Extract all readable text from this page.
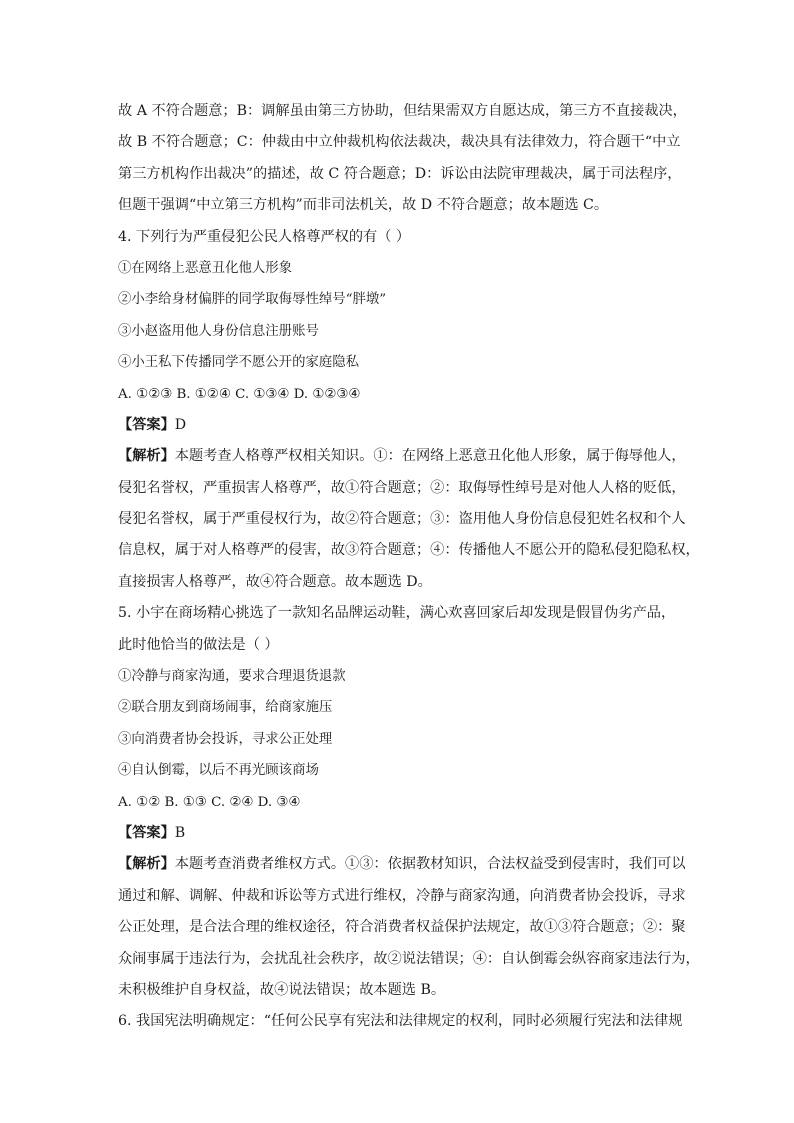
故 A 不符合题意；B：调解虽由第三方协助，但结果需双方自愿达成，第三方不直接裁决，
故 B 不符合题意；C：仲裁由中立仲裁机构依法裁决，裁决具有法律效力，符合题干“中立
第三方机构作出裁决”的描述，故 C 符合题意；D：诉讼由法院审理裁决，属于司法程序，
但题干强调“中立第三方机构”而非司法机关，故 D 不符合题意；故本题选 C。
4. 下列行为严重侵犯公民人格尊严权的有（ ）
①在网络上恶意丑化他人形象
②小李给身材偏胖的同学取侮辱性绰号“胖墩”
③小赵盗用他人身份信息注册账号
④小王私下传播同学不愿公开的家庭隐私
A. ①②③ B. ①②④ C. ①③④ D. ①②③④
【答案】D
【解析】本题考查人格尊严权相关知识。①：在网络上恶意丑化他人形象，属于侮辱他人，
侵犯名誉权，严重损害人格尊严，故①符合题意；②：取侮辱性绰号是对他人人格的贬低，
侵犯名誉权，属于严重侵权行为，故②符合题意；③：盗用他人身份信息侵犯姓名权和个人
信息权，属于对人格尊严的侵害，故③符合题意；④：传播他人不愿公开的隐私侵犯隐私权，
直接损害人格尊严，故④符合题意。故本题选 D。
5. 小宇在商场精心挑选了一款知名品牌运动鞋，满心欢喜回家后却发现是假冒伪劣产品，
此时他恰当的做法是（ ）
①冷静与商家沟通，要求合理退货退款
②联合朋友到商场闹事，给商家施压
③向消费者协会投诉，寻求公正处理
④自认倒霉，以后不再光顾该商场
A. ①② B. ①③ C. ②④ D. ③④
【答案】B
【解析】本题考查消费者维权方式。①③：依据教材知识，合法权益受到侵害时，我们可以
通过和解、调解、仲裁和诉讼等方式进行维权，冷静与商家沟通，向消费者协会投诉，寻求
公正处理，是合法合理的维权途径，符合消费者权益保护法规定，故①③符合题意；②：聚
众闹事属于违法行为，会扰乱社会秩序，故②说法错误；④：自认倒霉会纵容商家违法行为，
未积极维护自身权益，故④说法错误；故本题选 B。
6. 我国宪法明确规定：“任何公民享有宪法和法律规定的权利，同时必须履行宪法和法律规
